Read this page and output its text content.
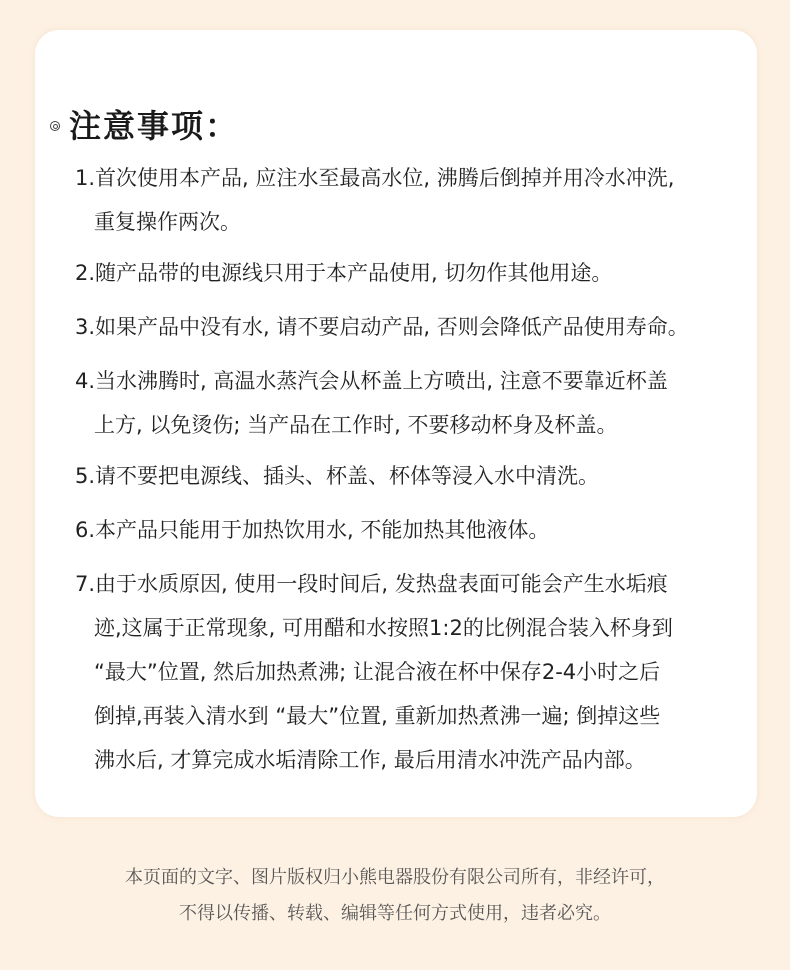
注意事项：
1.首次使用本产品, 应注水至最高水位, 沸腾后倒掉并用冷水冲洗,
重复操作两次。
2.随产品带的电源线只用于本产品使用, 切勿作其他用途。
3.如果产品中没有水, 请不要启动产品, 否则会降低产品使用寿命。
4.当水沸腾时, 高温水蒸汽会从杯盖上方喷出, 注意不要靠近杯盖
上方, 以免烫伤; 当产品在工作时, 不要移动杯身及杯盖。
5.请不要把电源线、插头、杯盖、杯体等浸入水中清洗。
6.本产品只能用于加热饮用水, 不能加热其他液体。
7.由于水质原因, 使用一段时间后, 发热盘表面可能会产生水垢痕
迹,这属于正常现象, 可用醋和水按照1:2的比例混合装入杯身到
“最大”位置, 然后加热煮沸; 让混合液在杯中保存2-4小时之后
倒掉,再装入清水到 “最大”位置, 重新加热煮沸一遍; 倒掉这些
沸水后, 才算完成水垢清除工作, 最后用清水冲洗产品内部。
本页面的文字、图片版权归小熊电器股份有限公司所有，非经许可，
不得以传播、转载、编辑等任何方式使用，违者必究。
